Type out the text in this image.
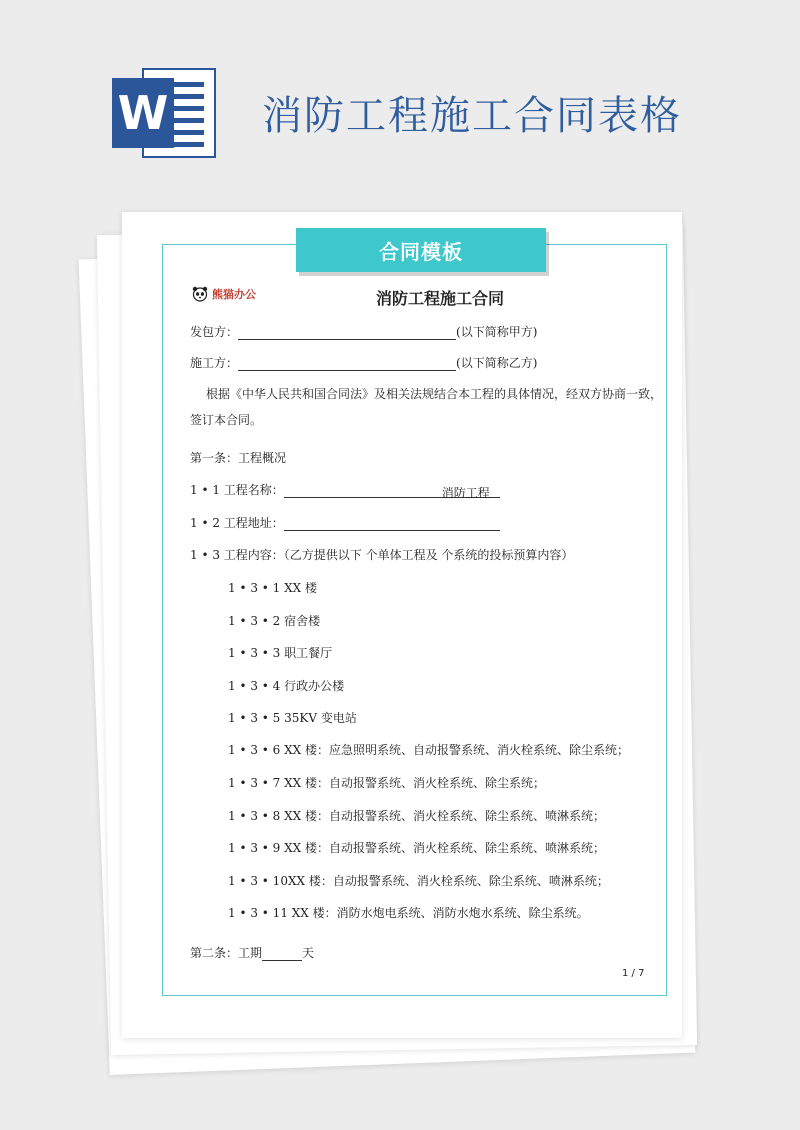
W 消防工程施工合同表格
合同模板
熊猫办公	消防工程施工合同
发包方：	(以下简称甲方)
施工方：	(以下简称乙方)
根据《中华人民共和国合同法》及相关法规结合本工程的具体情况，经双方协商一致，
签订本合同。
第一条：工程概况
1 • 1 工程名称：	消防工程
1 • 2 工程地址：
1 • 3 工程内容：（乙方提供以下 个单体工程及 个系统的投标预算内容）
1 • 3 • 1 XX 楼
1 • 3 • 2 宿舍楼
1 • 3 • 3 职工餐厅
1 • 3 • 4 行政办公楼
1 • 3 • 5 35KV 变电站
1 • 3 • 6 XX 楼：应急照明系统、自动报警系统、消火栓系统、除尘系统；
1 • 3 • 7 XX 楼：自动报警系统、消火栓系统、除尘系统；
1 • 3 • 8 XX 楼：自动报警系统、消火栓系统、除尘系统、喷淋系统；
1 • 3 • 9 XX 楼：自动报警系统、消火栓系统、除尘系统、喷淋系统；
1 • 3 • 10XX 楼：自动报警系统、消火栓系统、除尘系统、喷淋系统；
1 • 3 • 11 XX 楼：消防水炮电系统、消防水炮水系统、除尘系统。
第二条：工期	天
1 / 7
